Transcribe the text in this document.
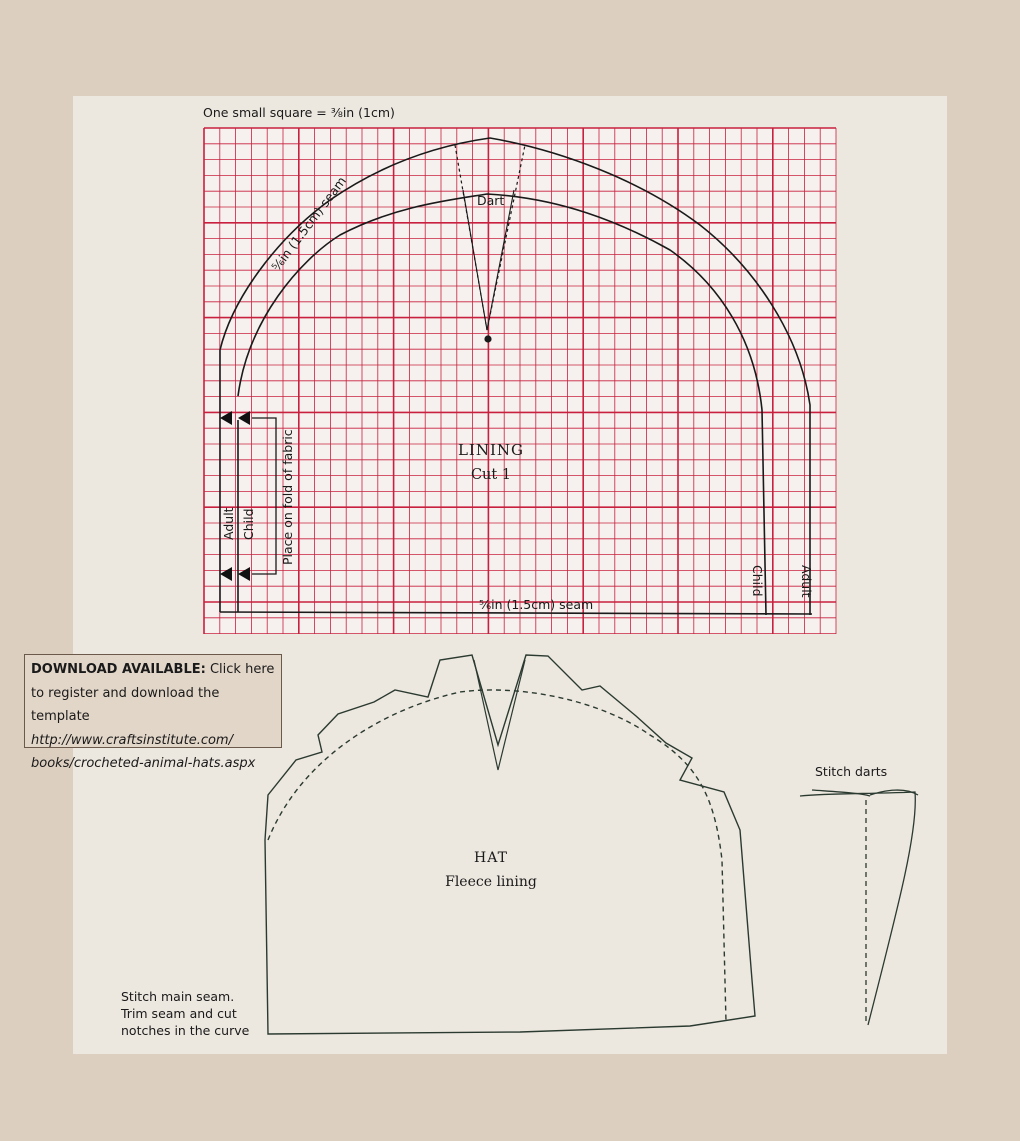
One small square = ⅜in (1cm)
Dart
⅚in (1.5cm) seam
LINING
Cut 1
Place on fold of fabric
Adult Child
Child	Adult
⅚in (1.5cm) seam
HAT
Fleece lining
Stitch darts
Stitch main seam.
Trim seam and cut
notches in the curve
DOWNLOAD AVAILABLE: Click here
to register and download the template
http://www.craftsinstitute.com/
books/crocheted-animal-hats.aspx
